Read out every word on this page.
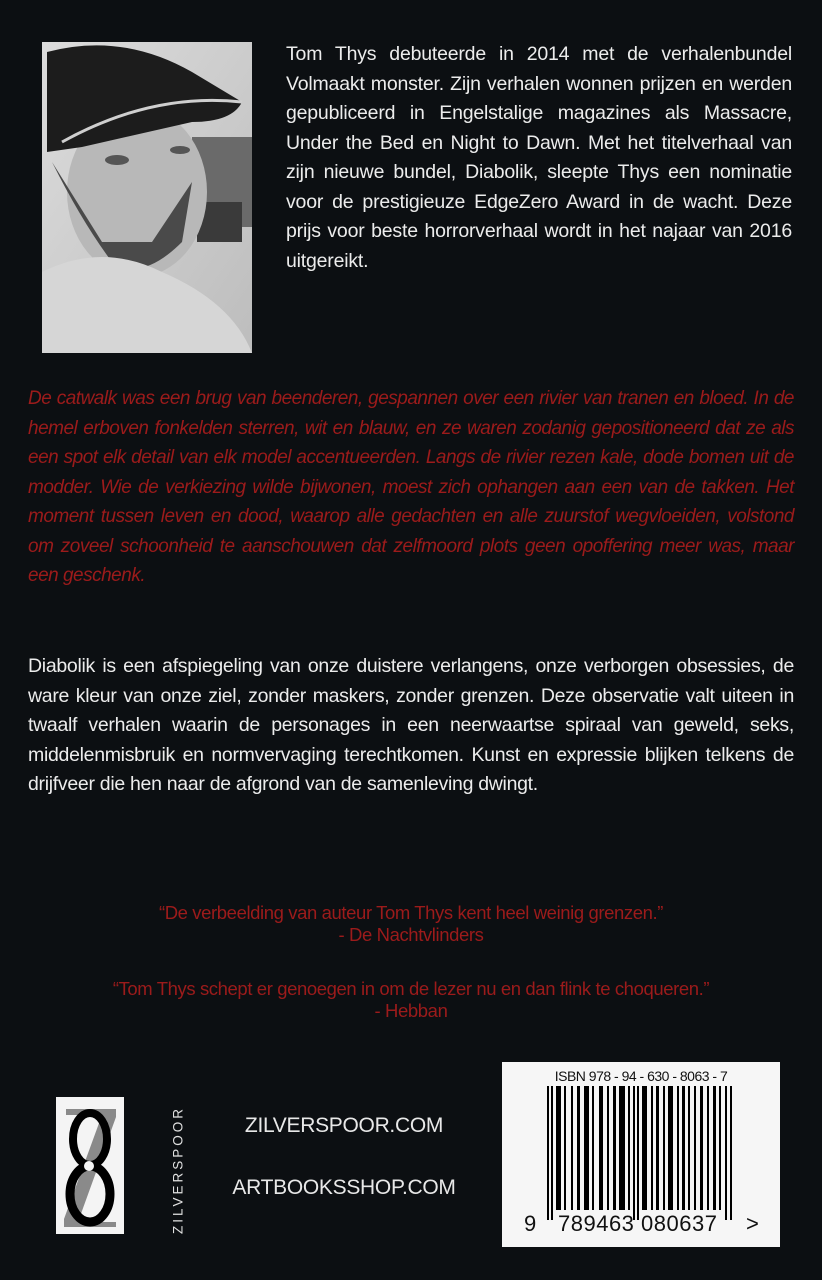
Tom Thys debuteerde in 2014 met de verhalenbundel Volmaakt monster. Zijn verhalen wonnen prijzen en werden gepubliceerd in Engelstalige magazines als Massacre, Under the Bed en Night to Dawn. Met het titelverhaal van zijn nieuwe bundel, Diabolik, sleepte Thys een nominatie voor de prestigieuze EdgeZero Award in de wacht. Deze prijs voor beste horrorverhaal wordt in het najaar van 2016 uitgereikt.
De catwalk was een brug van beenderen, gespannen over een rivier van tranen en bloed. In de hemel erboven fonkelden sterren, wit en blauw, en ze waren zodanig gepositioneerd dat ze als een spot elk detail van elk model accentueerden. Langs de rivier rezen kale, dode bomen uit de modder. Wie de verkiezing wilde bijwonen, moest zich ophangen aan een van de takken. Het moment tussen leven en dood, waarop alle gedachten en alle zuurstof wegvloeiden, volstond om zoveel schoonheid te aanschouwen dat zelfmoord plots geen opoffering meer was, maar een geschenk.
Diabolik is een afspiegeling van onze duistere verlangens, onze verborgen obsessies, de ware kleur van onze ziel, zonder maskers, zonder grenzen. Deze observatie valt uiteen in twaalf verhalen waarin de personages in een neerwaartse spiraal van geweld, seks, middelenmisbruik en normvervaging terechtkomen. Kunst en expressie blijken telkens de drijfveer die hen naar de afgrond van de samenleving dwingt.
“De verbeelding van auteur Tom Thys kent heel weinig grenzen.”
- De Nachtvlinders
“Tom Thys schept er genoegen in om de lezer nu en dan flink te choqueren.”
- Hebban
ZILVERSPOOR	ZILVERSPOOR.COM
ARTBOOKSSHOP.COM
ISBN 978 - 94 - 630 - 8063 - 7
9 789463 080637 >
